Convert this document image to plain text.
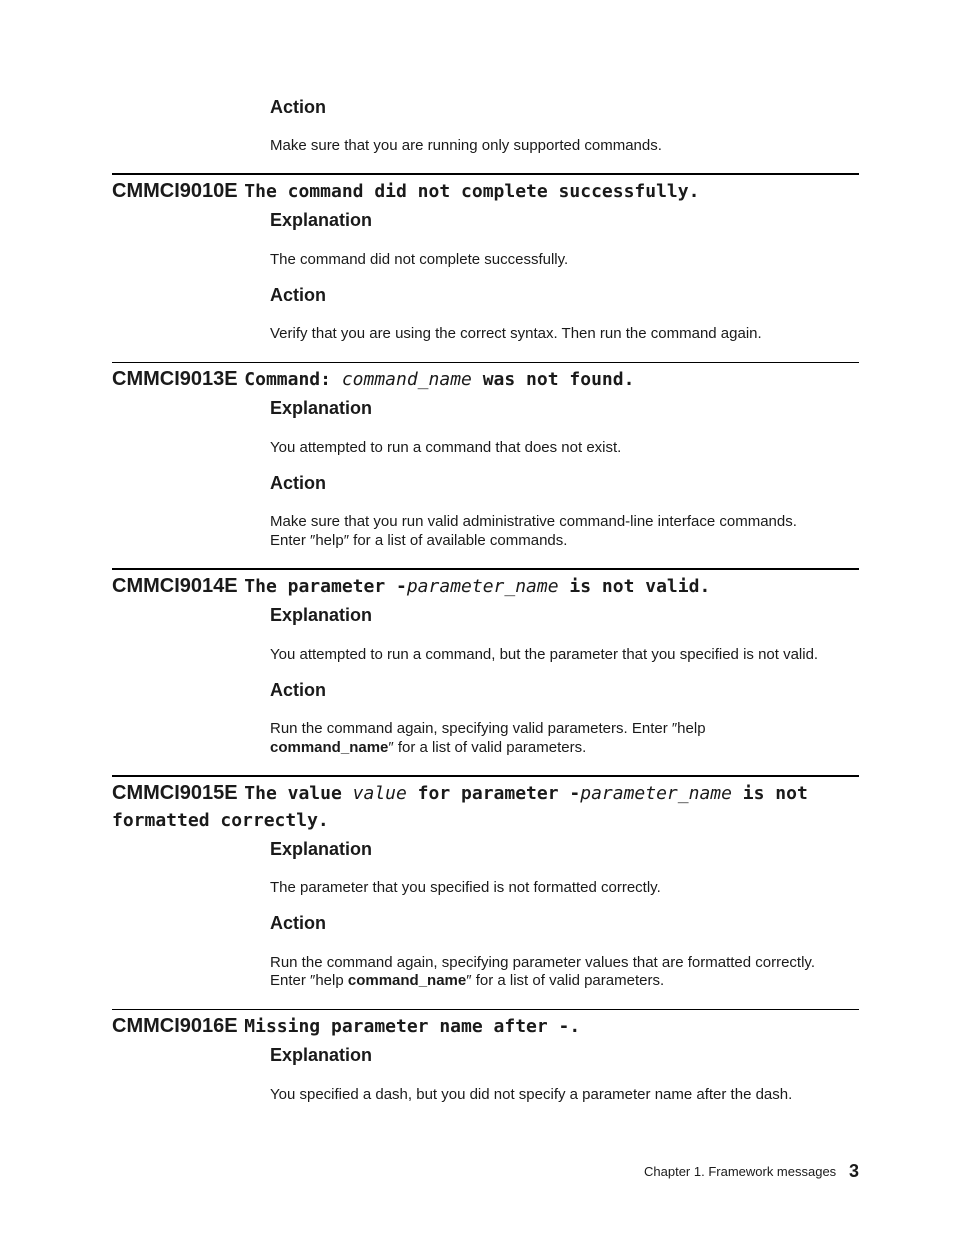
Action

Make sure that you are running only supported commands.

CMMCI9010E The command did not complete successfully.
Explanation

The command did not complete successfully.

Action

Verify that you are using the correct syntax. Then run the command again.

CMMCI9013E Command: command_name was not found.
Explanation

You attempted to run a command that does not exist.

Action

Make sure that you run valid administrative command-line interface commands.

Enter ″help″ for a list of available commands.

CMMCI9014E The parameter -parameter_name is not valid.
Explanation

You attempted to run a command, but the parameter that you specified is not valid.

Action

Run the command again, specifying valid parameters. Enter ″help

command_name″ for a list of valid parameters.

CMMCI9015E The value value for parameter -parameter_name is not
formatted correctly.
Explanation

The parameter that you specified is not formatted correctly.

Action

Run the command again, specifying parameter values that are formatted correctly.

Enter ″help command_name″ for a list of valid parameters.

CMMCI9016E Missing parameter name after -.
Explanation

You specified a dash, but you did not specify a parameter name after the dash.

Chapter 1. Framework messages 3
